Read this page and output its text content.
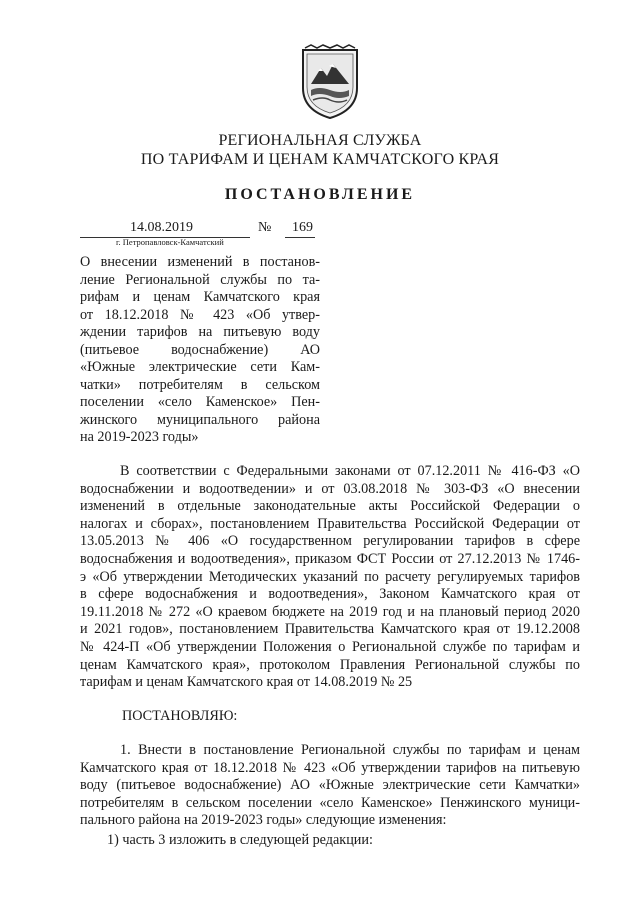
РЕГИОНАЛЬНАЯ СЛУЖБА
ПО ТАРИФАМ И ЦЕНАМ КАМЧАТСКОГО КРАЯ
ПОСТАНОВЛЕНИЕ
14.08.2019	№ 169
г. Петропавловск-Камчатский
О внесении изменений в постанов-
ление Региональной службы по та-
рифам и ценам Камчатского края
от 18.12.2018 № 423 «Об утвер-
ждении тарифов на питьевую воду
(питьевое водоснабжение) АО
«Южные электрические сети Кам-
чатки» потребителям в сельском
поселении «село Каменское» Пен-
жинского муниципального района
на 2019-2023 годы»
В соответствии с Федеральными законами от 07.12.2011 № 416-ФЗ «О
водоснабжении и водоотведении» и от 03.08.2018 № 303-ФЗ «О внесении
изменений в отдельные законодательные акты Российской Федерации о
налогах и сборах», постановлением Правительства Российской Федерации от
13.05.2013 № 406 «О государственном регулировании тарифов в сфере
водоснабжения и водоотведения», приказом ФСТ России от 27.12.2013 № 1746-
э «Об утверждении Методических указаний по расчету регулируемых тарифов
в сфере водоснабжения и водоотведения», Законом Камчатского края от
19.11.2018 № 272 «О краевом бюджете на 2019 год и на плановый период 2020
и 2021 годов», постановлением Правительства Камчатского края от 19.12.2008
№ 424-П «Об утверждении Положения о Региональной службе по тарифам и
ценам Камчатского края», протоколом Правления Региональной службы по
тарифам и ценам Камчатского края от 14.08.2019 № 25
ПОСТАНОВЛЯЮ:
1. Внести в постановление Региональной службы по тарифам и ценам
Камчатского края от 18.12.2018 № 423 «Об утверждении тарифов на питьевую
воду (питьевое водоснабжение) АО «Южные электрические сети Камчатки»
потребителям в сельском поселении «село Каменское» Пенжинского муници-
пального района на 2019-2023 годы» следующие изменения:
1) часть 3 изложить в следующей редакции:
